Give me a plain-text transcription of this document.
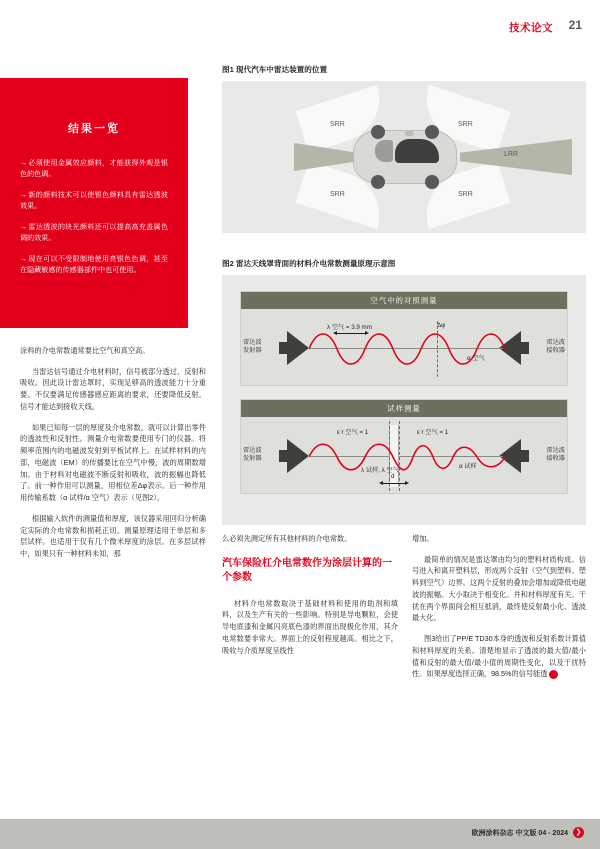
技术论文 21
结果一览
→必须使用金属效应颜料，才能获得外观是银色的色调。
→新的颜料技术可以使银色颜料具有雷达透波效果。
→雷达透波的块光颜料还可以提高高充盖属色调的效果。
→现在可以不受限制地使用亮银色色调，甚至在隐藏敏感的传感器部件中也可使用。
图1 现代汽车中雷达装置的位置
SRR	SRR
SRR	SRR
LRR
图2 雷达天线罩背面的材料介电常数测量原理示意图
空气中的对照测量
λ 空气 = 3.9 mm	Δφ
α 空气
雷达波
发射器
雷达波
接收器
试样测量
ε r 空气 = 1	ε r 空气 = 1
λ 试样, λ 空气
α 试样
d
雷达波
发射器
雷达波
接收器

涂料的介电常数通常要比空气和真空高。

当雷达信号通过介电材料时，信号被部分透过、反射和吸收。因此设计雷达罩时，实现足够高的透波能力十分重要。不仅要满足传感器感应距离的要求，还要降低反射。信号才能达到接收天线。

如果已知每一层的厚度及介电常数，就可以计算出零件的透波性和反射性。测量介电常数要使用专门的仪器。将频率范围内的电磁波发射到平板试样上。在试样材料的内部，电磁波（EM）的传播要比在空气中慢，波的周期数增加。由于材料对电磁波不断反射和吸收，波的振幅也降低了。前一种作用可以测量，用相位差Δφ表示。后一种作用用传输系数（α 试样/α 空气）表示（见图2）。

根据输入软件的测量值和厚度，该仪器采用回归分析确定实际的介电常数和损耗正切。测量原理适用于单层和多层试样。也适用于仅有几个微米厚度的涂层。在多层试样中，如果只有一种材料未知，那

么必须先测定所有其他材料的介电常数。

汽车保险杠介电常数作为涂层计算的一个参数

材料介电常数取决于基础材料和使用的助剂和填料，以及生产有关的一些影响。特别是导电颗粒，会使导电底漆和金属闪亮底色漆的界面出现极化作用，其介电常数要非常大。界面上的反射程度越高。相比之下，吸收与介质厚度呈线性

增加。

最简单的情况是雷达罩由均匀的塑料材质构成。信号进入和离开塑料层，形成两个反射（空气到塑料、塑料到空气）边界。这两个反射的叠加会增加或降低电磁波的振幅。大小取决于相变化。并和材料厚度有关。干扰在两个界面间会相互抵消，最终使反射最小化、透波最大化。

图3给出了PP/E TD30本身的透波和反射系数计算值和材料厚度的关系。清楚地显示了透波的最大值/最小值和反射的最大值/最小值的周期性变化，以及干扰特性。如果厚度选择正确，98.5%的信号能透 ❯

欧洲涂料杂志 中文版 04 - 2024	❯
